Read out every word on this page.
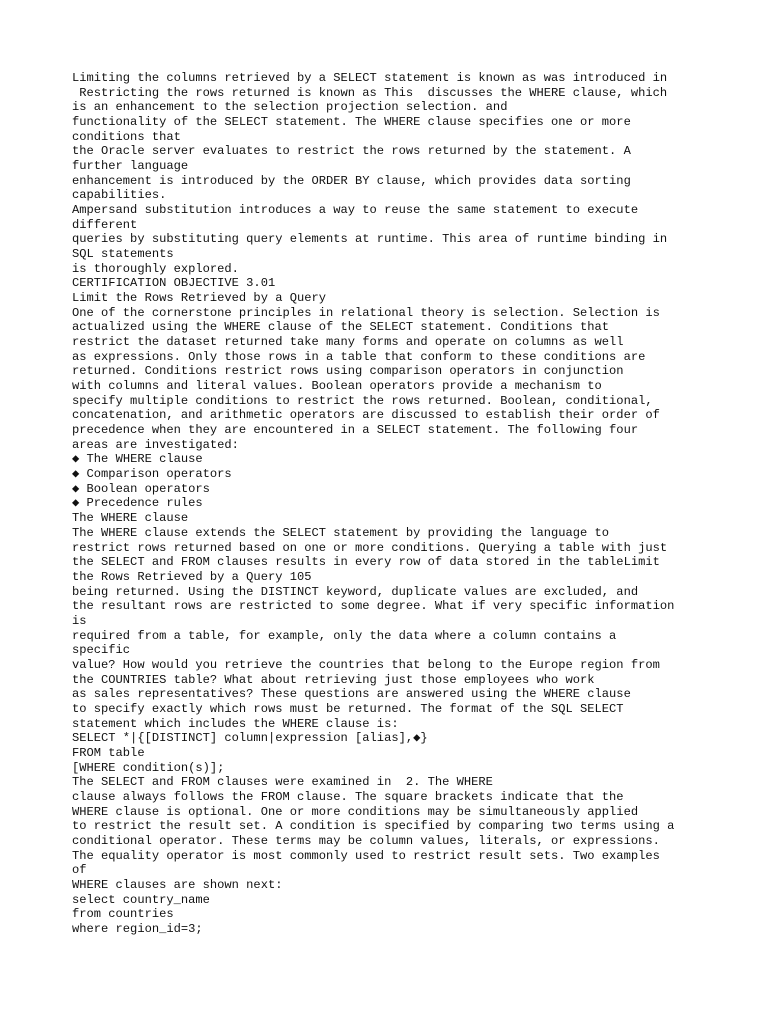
Limiting the columns retrieved by a SELECT statement is known as was introduced in
Restricting the rows returned is known as This  discusses the WHERE clause, which
is an enhancement to the selection projection selection. and
functionality of the SELECT statement. The WHERE clause specifies one or more
conditions that
the Oracle server evaluates to restrict the rows returned by the statement. A
further language
enhancement is introduced by the ORDER BY clause, which provides data sorting
capabilities.
Ampersand substitution introduces a way to reuse the same statement to execute
different
queries by substituting query elements at runtime. This area of runtime binding in
SQL statements
is thoroughly explored.
CERTIFICATION OBJECTIVE 3.01
Limit the Rows Retrieved by a Query
One of the cornerstone principles in relational theory is selection. Selection is
actualized using the WHERE clause of the SELECT statement. Conditions that
restrict the dataset returned take many forms and operate on columns as well
as expressions. Only those rows in a table that conform to these conditions are
returned. Conditions restrict rows using comparison operators in conjunction
with columns and literal values. Boolean operators provide a mechanism to
specify multiple conditions to restrict the rows returned. Boolean, conditional,
concatenation, and arithmetic operators are discussed to establish their order of
precedence when they are encountered in a SELECT statement. The following four
areas are investigated:
◆ The WHERE clause
◆ Comparison operators
◆ Boolean operators
◆ Precedence rules
The WHERE clause
The WHERE clause extends the SELECT statement by providing the language to
restrict rows returned based on one or more conditions. Querying a table with just
the SELECT and FROM clauses results in every row of data stored in the tableLimit
the Rows Retrieved by a Query 105
being returned. Using the DISTINCT keyword, duplicate values are excluded, and
the resultant rows are restricted to some degree. What if very specific information
is
required from a table, for example, only the data where a column contains a
specific
value? How would you retrieve the countries that belong to the Europe region from
the COUNTRIES table? What about retrieving just those employees who work
as sales representatives? These questions are answered using the WHERE clause
to specify exactly which rows must be returned. The format of the SQL SELECT
statement which includes the WHERE clause is:
SELECT *|{[DISTINCT] column|expression [alias],◆}
FROM table
[WHERE condition(s)];
The SELECT and FROM clauses were examined in  2. The WHERE
clause always follows the FROM clause. The square brackets indicate that the
WHERE clause is optional. One or more conditions may be simultaneously applied
to restrict the result set. A condition is specified by comparing two terms using a
conditional operator. These terms may be column values, literals, or expressions.
The equality operator is most commonly used to restrict result sets. Two examples
of
WHERE clauses are shown next:
select country_name
from countries
where region_id=3;
